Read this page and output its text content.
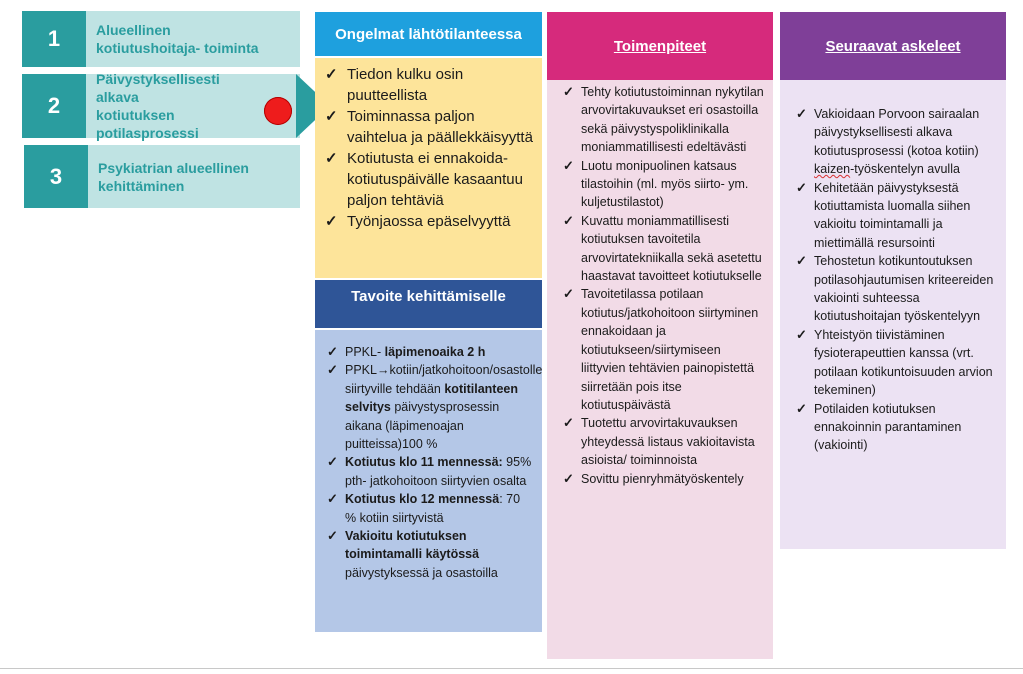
1	Alueellinen
kotiutushoitaja- toiminta
2
Päivystyksellisesti alkava
kotiutuksen
potilasprosessi
3	Psykiatrian alueellinen
kehittäminen
Ongelmat lähtötilanteessa
✓ Tiedon kulku osin puutteellista
✓ Toiminnassa paljon vaihtelua ja päällekkäisyyttä
✓ Kotiutusta ei ennakoida- kotiutuspäivälle kasaantuu paljon tehtäviä
✓ Työnjaossa epäselvyyttä
Tavoite kehittämiselle
✓ PPKL- läpimenoaika 2 h
✓ PPKL→kotiin/jatkohoitoon/osastolle siirtyville tehdään kotitilanteen selvitys päivystysprosessin aikana (läpimenoajan puitteissa)100 %
✓ Kotiutus klo 11 mennessä: 95% pth- jatkohoitoon siirtyvien osalta
✓ Kotiutus klo 12 mennessä: 70 % kotiin siirtyvistä
✓ Vakioitu kotiutuksen toimintamalli käytössä päivystyksessä ja osastoilla
Toimenpiteet
✓ Tehty kotiutustoiminnan nykytilan arvovirtakuvaukset eri osastoilla sekä päivystyspoliklinikalla moniammatillisesti edeltävästi
✓ Luotu monipuolinen katsaus tilastoihin (ml. myös siirto- ym. kuljetustilastot)
✓ Kuvattu moniammatillisesti kotiutuksen tavoitetila arvovirtatekniikalla sekä asetettu haastavat tavoitteet kotiutukselle
✓ Tavoitetilassa potilaan kotiutus/jatkohoitoon siirtyminen ennakoidaan ja kotiutukseen/siirtymiseen liittyvien tehtävien painopistettä siirretään pois itse kotiutuspäivästä
✓ Tuotettu arvovirtakuvauksen yhteydessä listaus vakioitavista asioista/ toiminnoista
✓ Sovittu pienryhmätyöskentely
Seuraavat askeleet
✓ Vakioidaan Porvoon sairaalan päivystyksellisesti alkava kotiutusprosessi (kotoa kotiin) kaizen-työskentelyn avulla
✓ Kehitetään päivystyksestä kotiuttamista luomalla siihen vakioitu toimintamalli ja miettimällä resursointi
✓ Tehostetun kotikuntoutuksen potilasohjautumisen kriteereiden vakiointi suhteessa kotiutushoitajan työskentelyyn
✓ Yhteistyön tiivistäminen fysioterapeuttien kanssa (vrt. potilaan kotikuntoisuuden arvion tekeminen)
✓ Potilaiden kotiutuksen ennakoinnin parantaminen (vakiointi)
